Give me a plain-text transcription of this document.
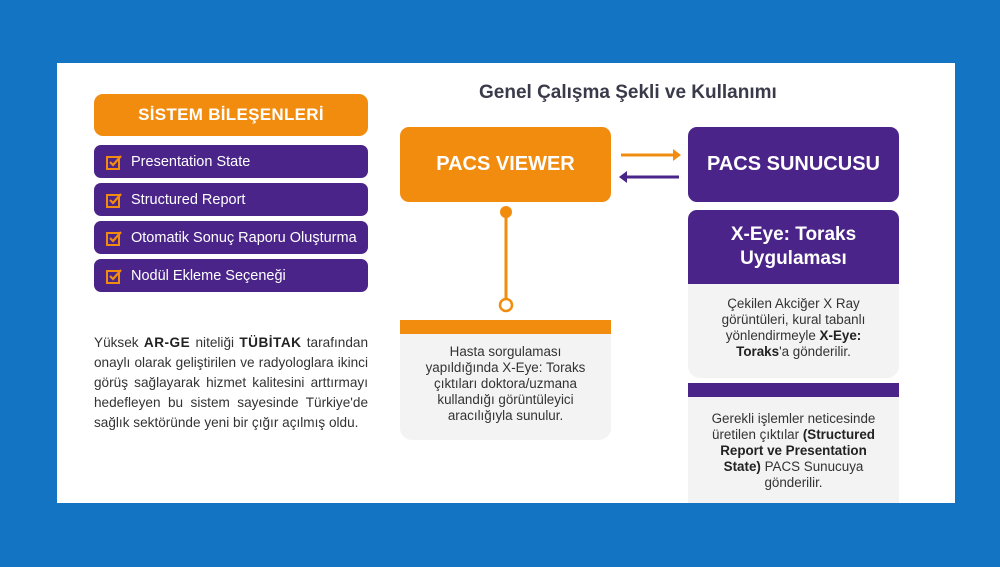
SİSTEM BİLEŞENLERİ
Presentation State
Structured Report
Otomatik Sonuç Raporu Oluşturma
Nodül Ekleme Seçeneği

Yüksek AR-GE niteliği TÜBİTAK tarafından onaylı olarak geliştirilen ve radyologlara ikinci görüş sağlayarak hizmet kalitesini arttırmayı hedefleyen bu sistem sayesinde Türkiye'de sağlık sektöründe yeni bir çığır açılmış oldu.

Genel Çalışma Şekli ve Kullanımı
PACS VIEWER	PACS SUNUCUSU
Hasta sorgulaması yapıldığında X-Eye: Toraks çıktıları doktora/uzmana kullandığı görüntüleyici aracılığıyla sunulur.
X-Eye: Toraks
Uygulaması
Çekilen Akciğer X Ray görüntüleri, kural tabanlı yönlendirmeyle X-Eye: Toraks'a gönderilir.
Gerekli işlemler neticesinde üretilen çıktılar (Structured Report ve Presentation State) PACS Sunucuya gönderilir.
